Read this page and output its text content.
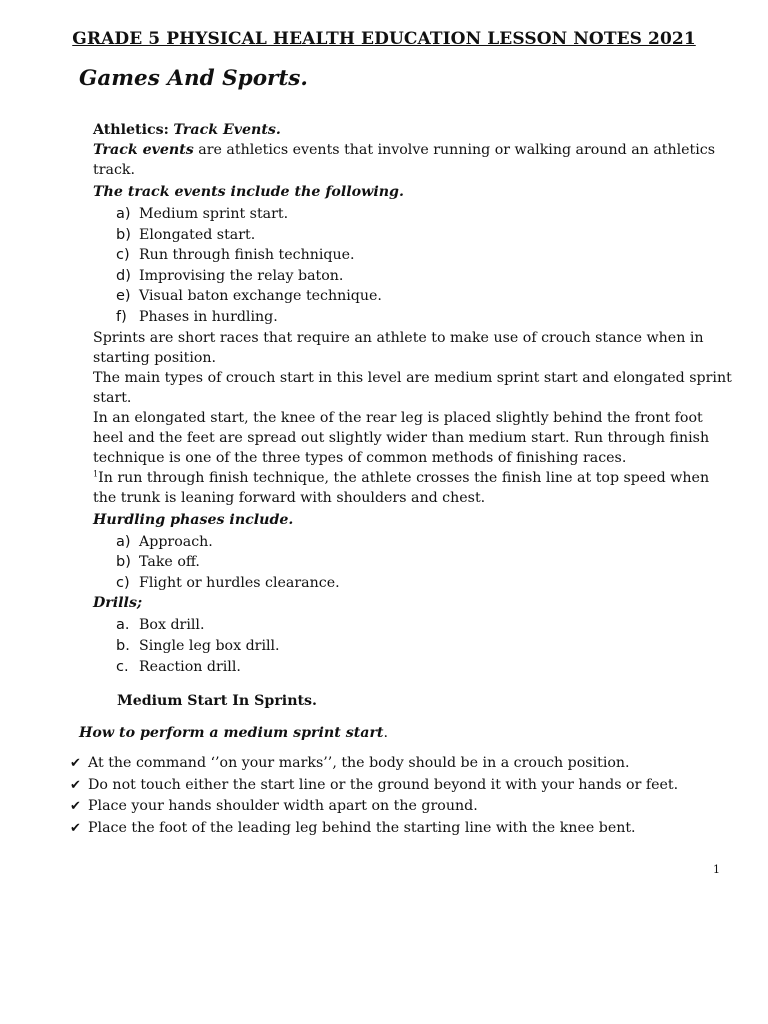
GRADE 5 PHYSICAL HEALTH EDUCATION LESSON NOTES 2021
Games And Sports.

Athletics: Track Events.

Track events are athletics events that involve running or walking around an athletics track.

The track events include the following.

a) Medium sprint start.
b) Elongated start.
c) Run through finish technique.
d) Improvising the relay baton.
e) Visual baton exchange technique.
f) Phases in hurdling.

Sprints are short races that require an athlete to make use of crouch stance when in starting position.

The main types of crouch start in this level are medium sprint start and elongated sprint start.

In an elongated start, the knee of the rear leg is placed slightly behind the front foot heel and the feet are spread out slightly wider than medium start. Run through finish technique is one of the three types of common methods of finishing races.

$^1$In run through finish technique, the athlete crosses the finish line at top speed when the trunk is leaning forward with shoulders and chest.

Hurdling phases include.

a) Approach.
b) Take off.
c) Flight or hurdles clearance.

Drills;

a. Box drill.
b. Single leg box drill.
c. Reaction drill.

Medium Start In Sprints.

How to perform a medium sprint start.

✔ At the command ‘’on your marks’’, the body should be in a crouch position.
✔ Do not touch either the start line or the ground beyond it with your hands or feet.
✔ Place your hands shoulder width apart on the ground.
✔ Place the foot of the leading leg behind the starting line with the knee bent.
1
